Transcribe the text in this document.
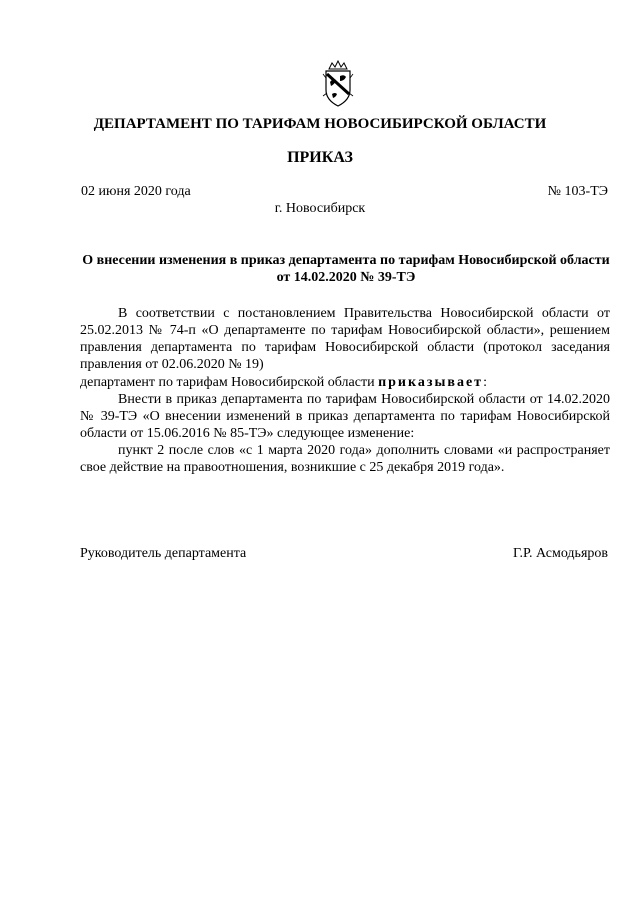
ДЕПАРТАМЕНТ ПО ТАРИФАМ НОВОСИБИРСКОЙ ОБЛАСТИ
ПРИКАЗ
02 июня 2020 года	№ 103-ТЭ
г. Новосибирск
О внесении изменения в приказ департамента по тарифам Новосибирской области от 14.02.2020 № 39-ТЭ
В соответствии с постановлением Правительства Новосибирской области от 25.02.2013 № 74-п «О департаменте по тарифам Новосибирской области», решением правления департамента по тарифам Новосибирской области (протокол заседания правления от 02.06.2020 № 19)
департамент по тарифам Новосибирской области приказывает:
Внести в приказ департамента по тарифам Новосибирской области от 14.02.2020 № 39-ТЭ «О внесении изменений в приказ департамента по тарифам Новосибирской области от 15.06.2016 № 85-ТЭ» следующее изменение:
пункт 2 после слов «с 1 марта 2020 года» дополнить словами «и распространяет свое действие на правоотношения, возникшие с 25 декабря 2019 года».
Руководитель департамента	Г.Р. Асмодьяров
